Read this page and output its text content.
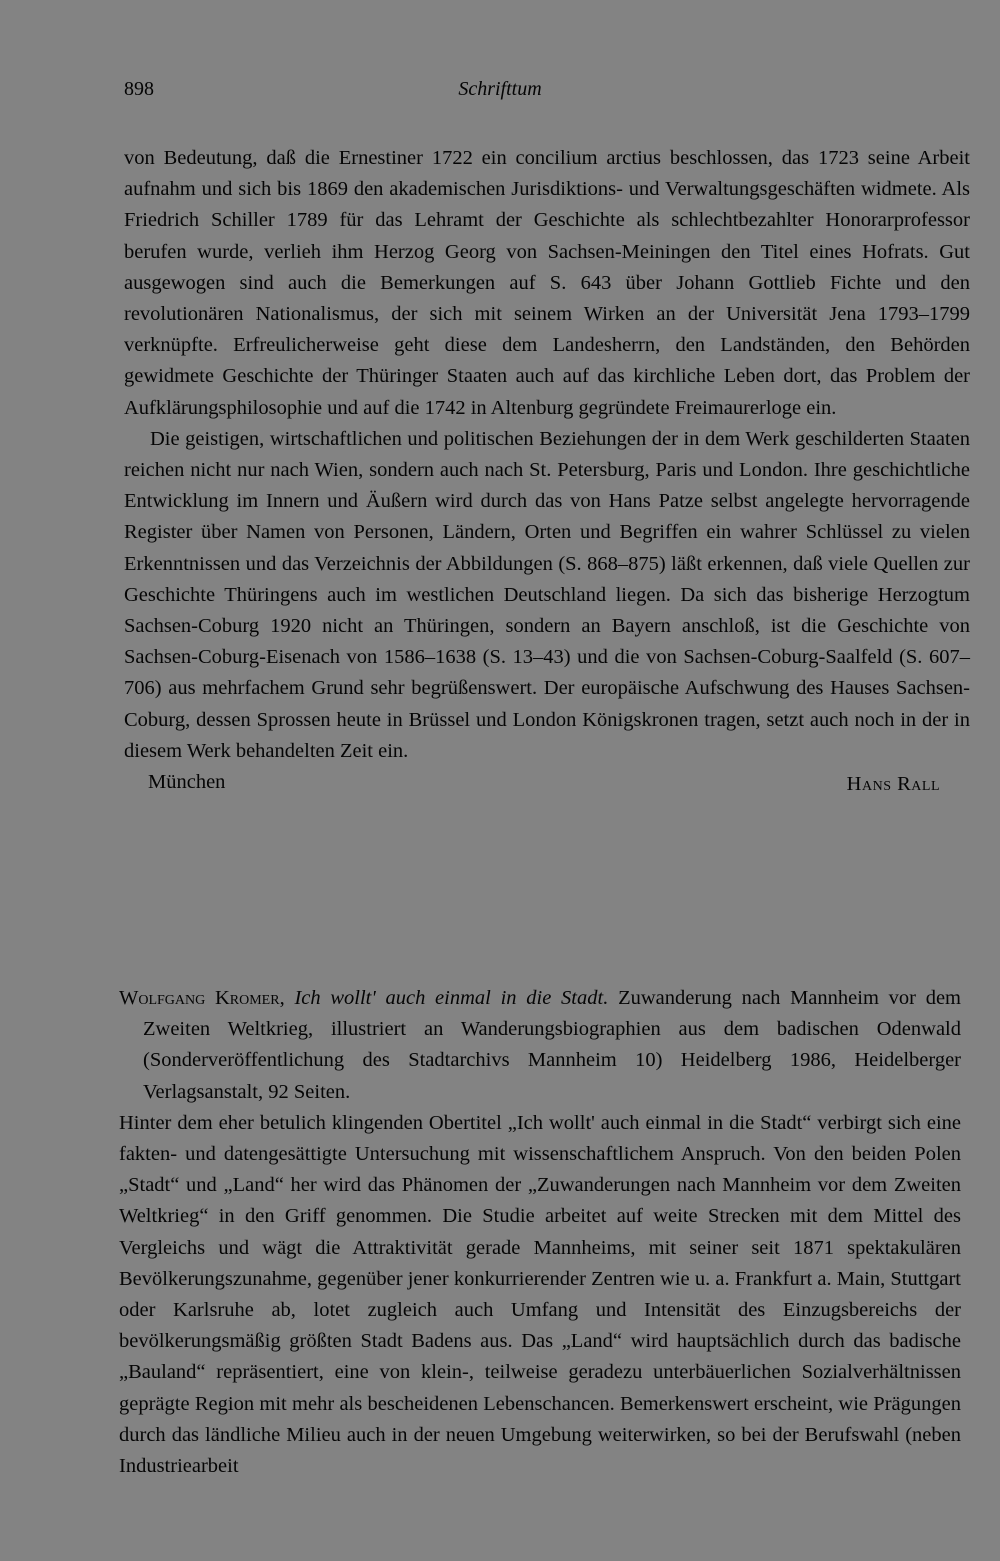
898	Schrifttum

von Bedeutung, daß die Ernestiner 1722 ein concilium arctius beschlossen, das 1723 seine Arbeit aufnahm und sich bis 1869 den akademischen Jurisdiktions- und Verwaltungsgeschäften widmete. Als Friedrich Schiller 1789 für das Lehramt der Geschichte als schlechtbezahlter Honorarprofessor berufen wurde, verlieh ihm Herzog Georg von Sachsen-Meiningen den Titel eines Hofrats. Gut ausgewogen sind auch die Bemerkungen auf S. 643 über Johann Gottlieb Fichte und den revolutionären Nationalismus, der sich mit seinem Wirken an der Universität Jena 1793–1799 verknüpfte. Erfreulicherweise geht diese dem Landesherrn, den Landständen, den Behörden gewidmete Geschichte der Thüringer Staaten auch auf das kirchliche Leben dort, das Problem der Aufklärungsphilosophie und auf die 1742 in Altenburg gegründete Freimaurerloge ein.

Die geistigen, wirtschaftlichen und politischen Beziehungen der in dem Werk geschilderten Staaten reichen nicht nur nach Wien, sondern auch nach St. Petersburg, Paris und London. Ihre geschichtliche Entwicklung im Innern und Äußern wird durch das von Hans Patze selbst angelegte hervorragende Register über Namen von Personen, Ländern, Orten und Begriffen ein wahrer Schlüssel zu vielen Erkenntnissen und das Verzeichnis der Abbildungen (S. 868–875) läßt erkennen, daß viele Quellen zur Geschichte Thüringens auch im westlichen Deutschland liegen. Da sich das bisherige Herzogtum Sachsen-Coburg 1920 nicht an Thüringen, sondern an Bayern anschloß, ist die Geschichte von Sachsen-Coburg-Eisenach von 1586–1638 (S. 13–43) und die von Sachsen-Coburg-Saalfeld (S. 607–706) aus mehrfachem Grund sehr begrüßenswert. Der europäische Aufschwung des Hauses Sachsen-Coburg, dessen Sprossen heute in Brüssel und London Königskronen tragen, setzt auch noch in der in diesem Werk behandelten Zeit ein.

München	Hans Rall

Wolfgang Kromer, Ich wollt' auch einmal in die Stadt. Zuwanderung nach Mannheim vor dem Zweiten Weltkrieg, illustriert an Wanderungsbiographien aus dem badischen Odenwald (Sonderveröffentlichung des Stadtarchivs Mannheim 10) Heidelberg 1986, Heidelberger Verlagsanstalt, 92 Seiten.

Hinter dem eher betulich klingenden Obertitel „Ich wollt' auch einmal in die Stadt“ verbirgt sich eine fakten- und datengesättigte Untersuchung mit wissenschaftlichem Anspruch. Von den beiden Polen „Stadt“ und „Land“ her wird das Phänomen der „Zuwanderungen nach Mannheim vor dem Zweiten Weltkrieg“ in den Griff genommen. Die Studie arbeitet auf weite Strecken mit dem Mittel des Vergleichs und wägt die Attraktivität gerade Mannheims, mit seiner seit 1871 spektakulären Bevölkerungszunahme, gegenüber jener konkurrierender Zentren wie u. a. Frankfurt a. Main, Stuttgart oder Karlsruhe ab, lotet zugleich auch Umfang und Intensität des Einzugsbereichs der bevölkerungsmäßig größten Stadt Badens aus. Das „Land“ wird hauptsächlich durch das badische „Bauland“ repräsentiert, eine von klein-, teilweise geradezu unterbäuerlichen Sozialverhältnissen geprägte Region mit mehr als bescheidenen Lebenschancen. Bemerkenswert erscheint, wie Prägungen durch das ländliche Milieu auch in der neuen Umgebung weiterwirken, so bei der Berufswahl (neben Industriearbeit
